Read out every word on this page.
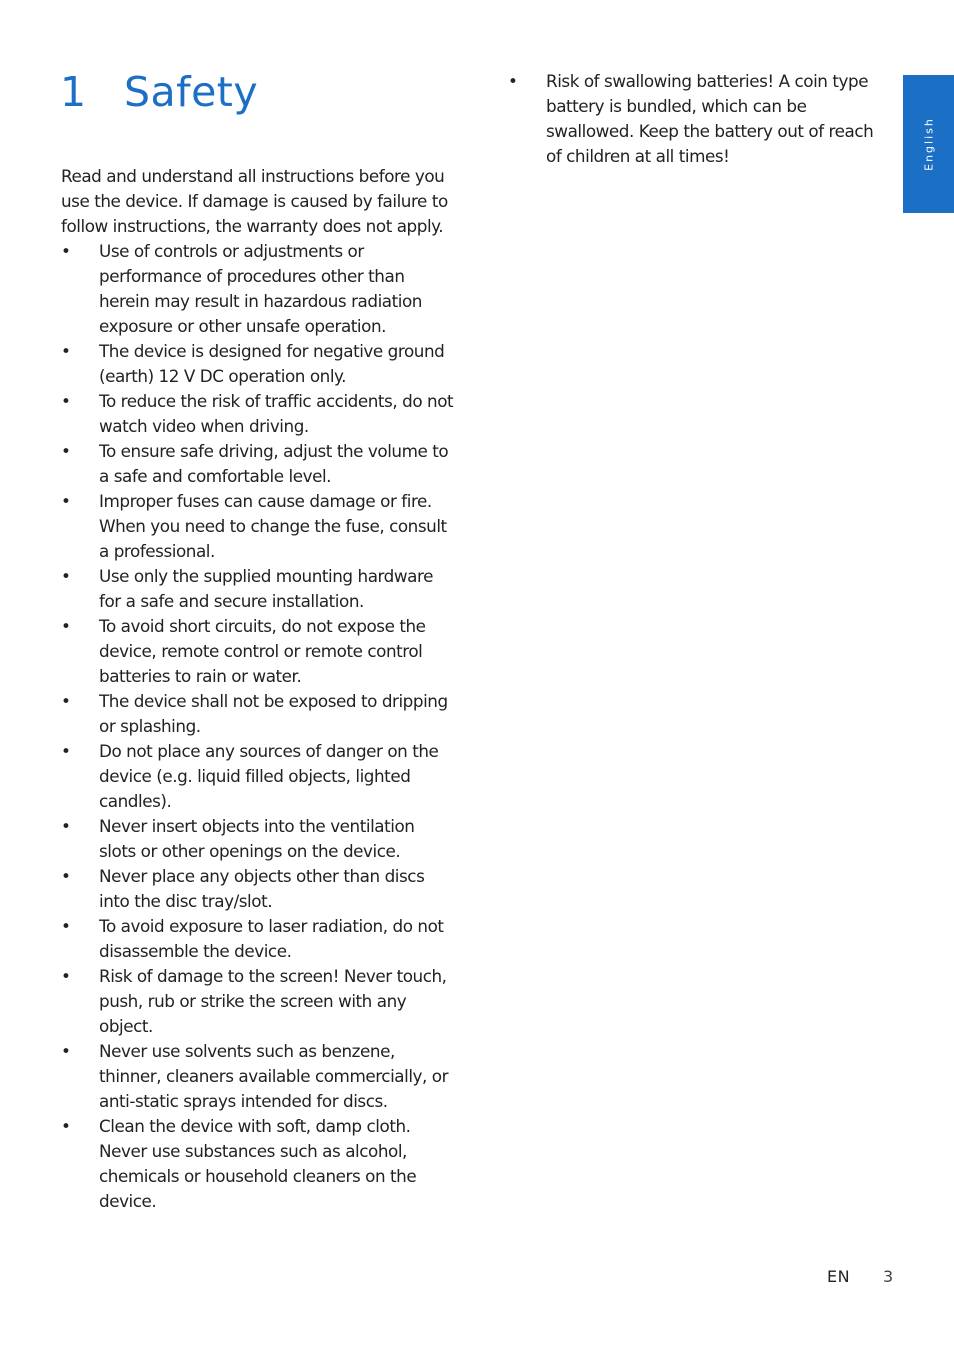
1 Safety

Read and understand all instructions before you use the device. If damage is caused by failure to follow instructions, the warranty does not apply.

• Use of controls or adjustments or performance of procedures other than herein may result in hazardous radiation exposure or other unsafe operation.
• The device is designed for negative ground (earth) 12 V DC operation only.
• To reduce the risk of traffic accidents, do not watch video when driving.
• To ensure safe driving, adjust the volume to a safe and comfortable level.
• Improper fuses can cause damage or fire. When you need to change the fuse, consult a professional.
• Use only the supplied mounting hardware for a safe and secure installation.
• To avoid short circuits, do not expose the device, remote control or remote control batteries to rain or water.
• The device shall not be exposed to dripping or splashing.
• Do not place any sources of danger on the device (e.g. liquid filled objects, lighted candles).
• Never insert objects into the ventilation slots or other openings on the device.
• Never place any objects other than discs into the disc tray/slot.
• To avoid exposure to laser radiation, do not disassemble the device.
• Risk of damage to the screen! Never touch, push, rub or strike the screen with any object.
• Never use solvents such as benzene, thinner, cleaners available commercially, or anti-static sprays intended for discs.
• Clean the device with soft, damp cloth. Never use substances such as alcohol, chemicals or household cleaners on the device.
• Risk of swallowing batteries! A coin type battery is bundled, which can be swallowed. Keep the battery out of reach of children at all times!	English
EN 3
